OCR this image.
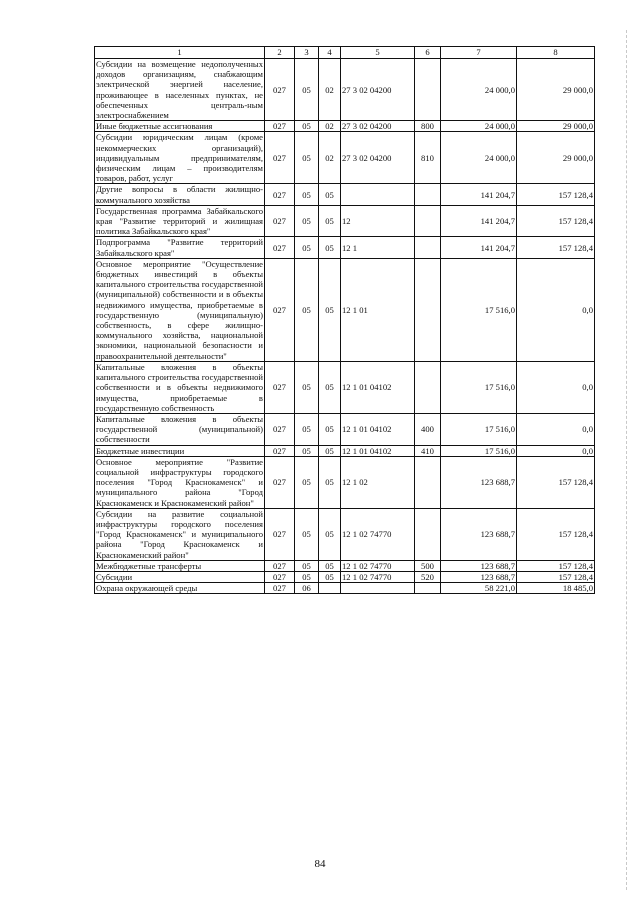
1	2	3	4	5	6	7	8
Субсидии на возмещение недополученных доходов организациям, снабжающим электрической энергией население, проживающее в населенных пунктах, не обеспеченных централь-ным электроснабжением	027	05	02	27 3 02 04200		24 000,0	29 000,0
Иные бюджетные ассигнования	027	05	02	27 3 02 04200	800	24 000,0	29 000,0
Субсидии юридическим лицам (кроме некоммерческих организаций), индивидуальным предпринимателям, физическим лицам – производителям товаров, работ, услуг	027	05	02	27 3 02 04200	810	24 000,0	29 000,0
Другие вопросы в области жилищно-коммунального хозяйства	027	05	05			141 204,7	157 128,4
Государственная программа Забайкальского края "Развитие территорий и жилищная политика Забайкальского края"	027	05	05	12		141 204,7	157 128,4
Подпрограмма "Развитие территорий Забайкальского края"	027	05	05	12 1		141 204,7	157 128,4
Основное мероприятие "Осуществление бюджетных инвестиций в объекты капитального строительства государственной (муниципальной) собственности и в объекты недвижимого имущества, приобретаемые в государственную (муниципальную) собственность, в сфере жилищно-коммунального хозяйства, национальной экономики, национальной безопасности и правоохранительной деятельности"	027	05	05	12 1 01		17 516,0	0,0
Капитальные вложения в объекты капитального строительства государственной собственности и в объекты недвижимого имущества, приобретаемые в государственную собственность	027	05	05	12 1 01 04102		17 516,0	0,0
Капитальные вложения в объекты государственной (муниципальной) собственности	027	05	05	12 1 01 04102	400	17 516,0	0,0
Бюджетные инвестиции	027	05	05	12 1 01 04102	410	17 516,0	0,0
Основное мероприятие "Развитие социальной инфраструктуры городского поселения "Город Краснокаменск" и муниципального района "Город Краснокаменск и Краснокаменский район"	027	05	05	12 1 02		123 688,7	157 128,4
Субсидии на развитие социальной инфраструктуры городского поселения "Город Краснокаменск" и муниципального района "Город Краснокаменск и Краснокаменский район"	027	05	05	12 1 02 74770		123 688,7	157 128,4
Межбюджетные трансферты	027	05	05	12 1 02 74770	500	123 688,7	157 128,4
Субсидии	027	05	05	12 1 02 74770	520	123 688,7	157 128,4
Охрана окружающей среды	027	06				58 221,0	18 485,0
84
